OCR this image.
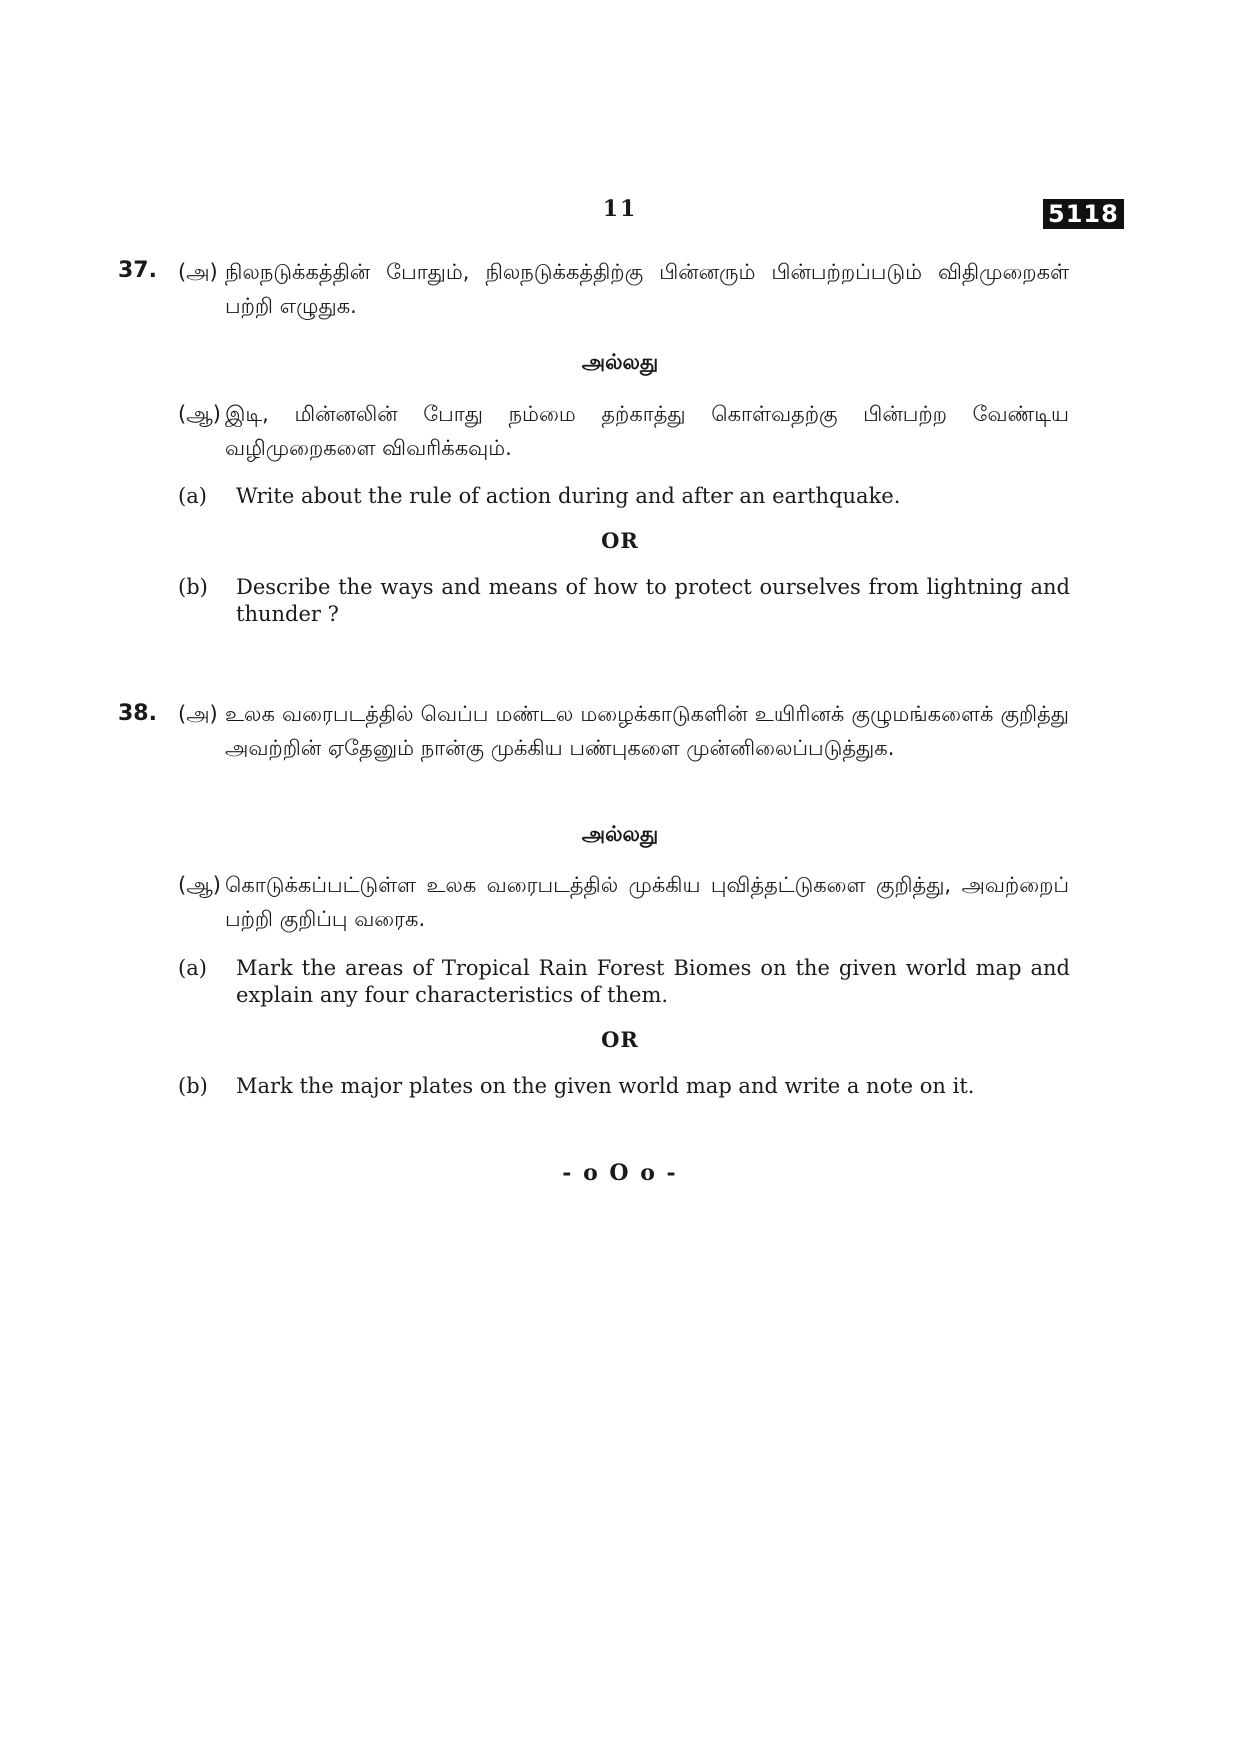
11	5118
37. (அ) நிலநடுக்கத்தின் போதும், நிலநடுக்கத்திற்கு பின்னரும் பின்பற்றப்படும் விதிமுறைகள் பற்றி எழுதுக.
அல்லது
(ஆ) இடி, மின்னலின் போது நம்மை தற்காத்து கொள்வதற்கு பின்பற்ற வேண்டிய வழிமுறைகளை விவரிக்கவும்.
(a) Write about the rule of action during and after an earthquake.
OR
(b) Describe the ways and means of how to protect ourselves from lightning and thunder ?
38. (அ) உலக வரைபடத்தில் வெப்ப மண்டல மழைக்காடுகளின் உயிரினக் குழுமங்களைக் குறித்து அவற்றின் ஏதேனும் நான்கு முக்கிய பண்புகளை முன்னிலைப்படுத்துக.
அல்லது
(ஆ) கொடுக்கப்பட்டுள்ள உலக வரைபடத்தில் முக்கிய புவித்தட்டுகளை குறித்து, அவற்றைப் பற்றி குறிப்பு வரைக.
(a) Mark the areas of Tropical Rain Forest Biomes on the given world map and explain any four characteristics of them.
OR
(b) Mark the major plates on the given world map and write a note on it.
- o O o -
